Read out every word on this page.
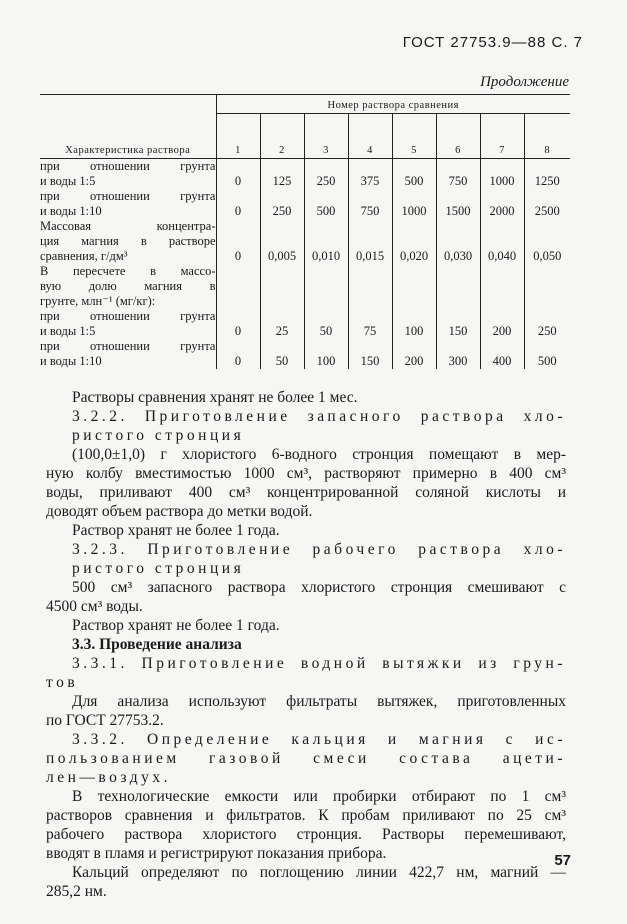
ГОСТ 27753.9—88 С. 7
Продолжение
Характеристика раствора	Номер раствора сравнения							
	1	2	3	4	5	6	7	8
при отношении грунта	0	125	250	375	500	750	1000	1250
и воды 1:5								
при отношении грунта	0	250	500	750	1000	1500	2000	2500
и воды 1:10								
Массовая концентра-	0	0,005	0,010	0,015	0,020	0,030	0,040	0,050
ция магния в растворе								
сравнения, г/дм³								
В пересчете в массо-								
вую долю магния в								
грунте, млн⁻¹ (мг/кг):								
при отношении грунта	0	25	50	75	100	150	200	250
и воды 1:5								
при отношении грунта	0	50	100	150	200	300	400	500
и воды 1:10								

Растворы сравнения хранят не более 1 мес.

3.2.2. Приготовление запасного раствора хло-

ристого стронция

(100,0±1,0) г хлористого 6-водного стронция помещают в мер-

ную колбу вместимостью 1000 см³, растворяют примерно в 400 см³

воды, приливают 400 см³ концентрированной соляной кислоты и

доводят объем раствора до метки водой.

Раствор хранят не более 1 года.

3.2.3. Приготовление рабочего раствора хло-

ристого стронция

500 см³ запасного раствора хлористого стронция смешивают с

4500 см³ воды.

Раствор хранят не более 1 года.

3.3. Проведение анализа

3.3.1. Приготовление водной вытяжки из грун-

тов

Для анализа используют фильтраты вытяжек, приготовленных

по ГОСТ 27753.2.

3.3.2. Определение кальция и магния с ис-

пользованием газовой смеси состава ацети-

лен—воздух.

В технологические емкости или пробирки отбирают по 1 см³

растворов сравнения и фильтратов. К пробам приливают по 25 см³

рабочего раствора хлористого стронция. Растворы перемешивают,

вводят в пламя и регистрируют показания прибора.

Кальций определяют по поглощению линии 422,7 нм, магний —

285,2 нм.

57
